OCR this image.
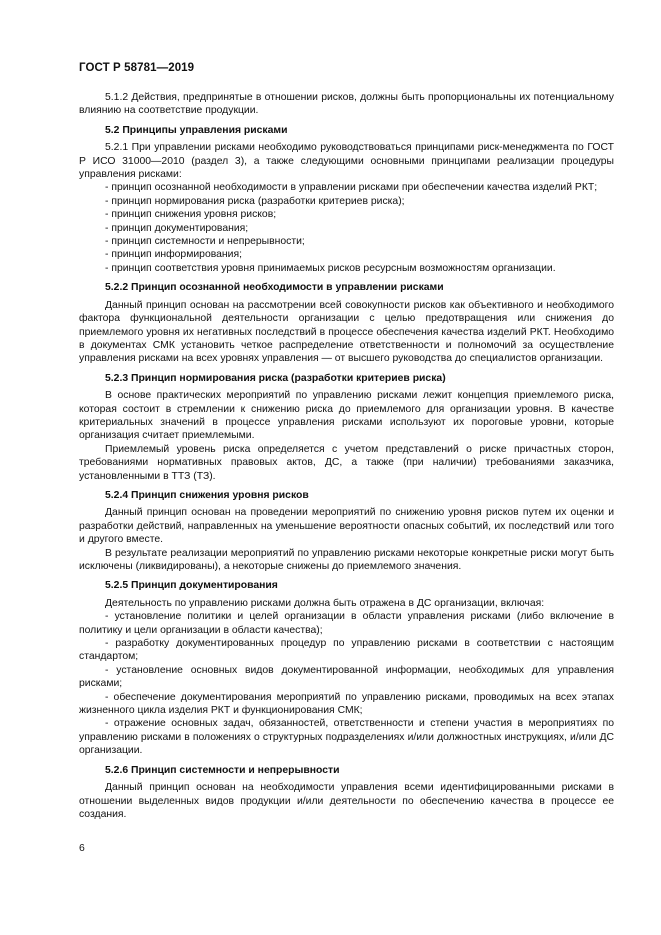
ГОСТ Р 58781—2019

5.1.2 Действия, предпринятые в отношении рисков, должны быть пропорциональны их потенциальному влиянию на соответствие продукции.

5.2 Принципы управления рисками

5.2.1 При управлении рисками необходимо руководствоваться принципами риск-менеджмента по ГОСТ Р ИСО 31000—2010 (раздел 3), а также следующими основными принципами реализации процедуры управления рисками:

- принцип осознанной необходимости в управлении рисками при обеспечении качества изделий РКТ;

- принцип нормирования риска (разработки критериев риска);

- принцип снижения уровня рисков;

- принцип документирования;

- принцип системности и непрерывности;

- принцип информирования;

- принцип соответствия уровня принимаемых рисков ресурсным возможностям организации.

5.2.2 Принцип осознанной необходимости в управлении рисками

Данный принцип основан на рассмотрении всей совокупности рисков как объективного и необходимого фактора функциональной деятельности организации с целью предотвращения или снижения до приемлемого уровня их негативных последствий в процессе обеспечения качества изделий РКТ. Необходимо в документах СМК установить четкое распределение ответственности и полномочий за осуществление управления рисками на всех уровнях управления — от высшего руководства до специалистов организации.

5.2.3 Принцип нормирования риска (разработки критериев риска)

В основе практических мероприятий по управлению рисками лежит концепция приемлемого риска, которая состоит в стремлении к снижению риска до приемлемого для организации уровня. В качестве критериальных значений в процессе управления рисками используют их пороговые уровни, которые организация считает приемлемыми.

Приемлемый уровень риска определяется с учетом представлений о риске причастных сторон, требованиями нормативных правовых актов, ДС, а также (при наличии) требованиями заказчика, установленными в ТТЗ (ТЗ).

5.2.4 Принцип снижения уровня рисков

Данный принцип основан на проведении мероприятий по снижению уровня рисков путем их оценки и разработки действий, направленных на уменьшение вероятности опасных событий, их последствий или того и другого вместе.

В результате реализации мероприятий по управлению рисками некоторые конкретные риски могут быть исключены (ликвидированы), а некоторые снижены до приемлемого значения.

5.2.5 Принцип документирования

Деятельность по управлению рисками должна быть отражена в ДС организации, включая:

- установление политики и целей организации в области управления рисками (либо включение в политику и цели организации в области качества);

- разработку документированных процедур по управлению рисками в соответствии с настоящим стандартом;

- установление основных видов документированной информации, необходимых для управления рисками;

- обеспечение документирования мероприятий по управлению рисками, проводимых на всех этапах жизненного цикла изделия РКТ и функционирования СМК;

- отражение основных задач, обязанностей, ответственности и степени участия в мероприятиях по управлению рисками в положениях о структурных подразделениях и/или должностных инструкциях, и/или ДС организации.

5.2.6 Принцип системности и непрерывности

Данный принцип основан на необходимости управления всеми идентифицированными рисками в отношении выделенных видов продукции и/или деятельности по обеспечению качества в процессе ее создания.

6
